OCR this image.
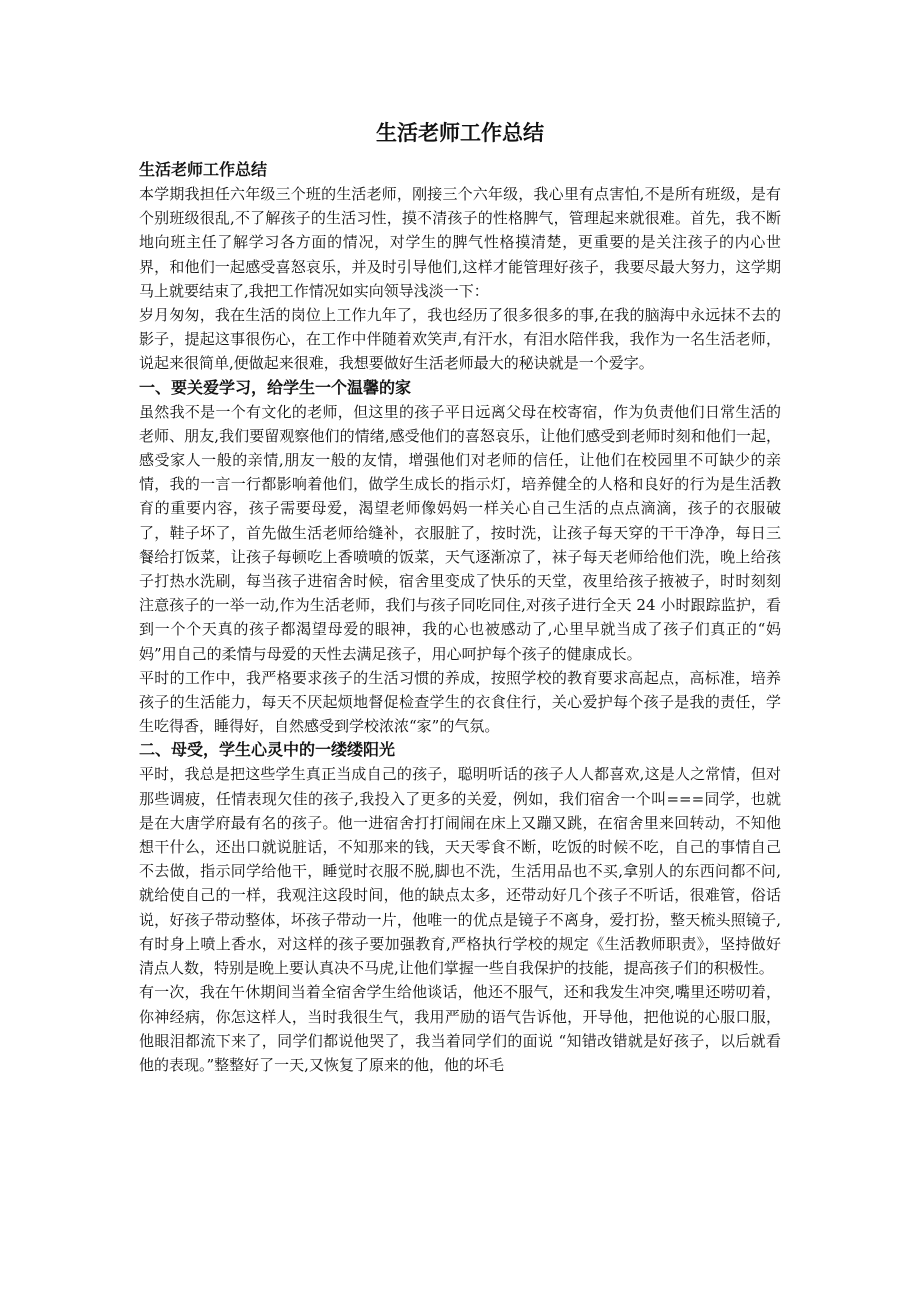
生活老师工作总结

生活老师工作总结

本学期我担任六年级三个班的生活老师，刚接三个六年级，我心里有点害怕,不是所有班级，是有个别班级很乱,不了解孩子的生活习性，摸不清孩子的性格脾气，管理起来就很难。首先，我不断地向班主任了解学习各方面的情况，对学生的脾气性格摸清楚，更重要的是关注孩子的内心世界，和他们一起感受喜怒哀乐，并及时引导他们,这样才能管理好孩子，我要尽最大努力，这学期马上就要结束了,我把工作情况如实向领导浅淡一下：

岁月匆匆，我在生活的岗位上工作九年了，我也经历了很多很多的事,在我的脑海中永远抹不去的影子，提起这事很伤心，在工作中伴随着欢笑声,有汗水，有泪水陪伴我，我作为一名生活老师，说起来很简单,便做起来很难，我想要做好生活老师最大的秘诀就是一个爱字。

一、要关爱学习，给学生一个温馨的家

虽然我不是一个有文化的老师，但这里的孩子平日远离父母在校寄宿，作为负责他们日常生活的老师、朋友,我们要留观察他们的情绪,感受他们的喜怒哀乐，让他们感受到老师时刻和他们一起，感受家人一般的亲情,朋友一般的友情，增强他们对老师的信任，让他们在校园里不可缺少的亲情，我的一言一行都影响着他们，做学生成长的指示灯，培养健全的人格和良好的行为是生活教育的重要内容，孩子需要母爱，渴望老师像妈妈一样关心自己生活的点点滴滴，孩子的衣服破了，鞋子坏了，首先做生活老师给缝补，衣服脏了，按时洗，让孩子每天穿的干干净净，每日三餐给打饭菜，让孩子每顿吃上香喷喷的饭菜，天气逐渐凉了，袜子每天老师给他们洗，晚上给孩子打热水洗刷，每当孩子进宿舍时候，宿舍里变成了快乐的天堂，夜里给孩子掖被子，时时刻刻注意孩子的一举一动,作为生活老师，我们与孩子同吃同住,对孩子进行全天 24 小时跟踪监护，看到一个个天真的孩子都渴望母爱的眼神，我的心也被感动了,心里早就当成了孩子们真正的“妈妈”用自己的柔情与母爱的天性去满足孩子，用心呵护每个孩子的健康成长。

平时的工作中，我严格要求孩子的生活习惯的养成，按照学校的教育要求高起点，高标准，培养孩子的生活能力，每天不厌起烦地督促检查学生的衣食住行，关心爱护每个孩子是我的责任，学生吃得香，睡得好，自然感受到学校浓浓“家”的气氛。

二、母受，学生心灵中的一缕缕阳光

平时，我总是把这些学生真正当成自己的孩子，聪明听话的孩子人人都喜欢,这是人之常情，但对那些调疲，任情表现欠佳的孩子,我投入了更多的关爱，例如，我们宿舍一个叫===同学，也就是在大唐学府最有名的孩子。他一进宿舍打打闹闹在床上又蹦又跳，在宿舍里来回转动，不知他想干什么，还出口就说脏话，不知那来的钱，天天零食不断，吃饭的时候不吃，自己的事情自己不去做，指示同学给他干，睡觉时衣服不脱,脚也不洗，生活用品也不买,拿别人的东西问都不问,就给使自己的一样，我观注这段时间，他的缺点太多，还带动好几个孩子不听话，很难管，俗话说，好孩子带动整体，坏孩子带动一片，他唯一的优点是镜子不离身，爱打扮，整天梳头照镜子,有时身上喷上香水，对这样的孩子要加强教育,严格执行学校的规定《生活教师职责》，坚持做好清点人数，特别是晚上要认真决不马虎,让他们掌握一些自我保护的技能，提高孩子们的积极性。

有一次，我在午休期间当着全宿舍学生给他谈话，他还不服气，还和我发生冲突,嘴里还唠叨着，你神经病，你怎这样人，当时我很生气，我用严励的语气告诉他，开导他，把他说的心服口服，他眼泪都流下来了，同学们都说他哭了，我当着同学们的面说 “知错改错就是好孩子，以后就看他的表现。”整整好了一天,又恢复了原来的他，他的坏毛
